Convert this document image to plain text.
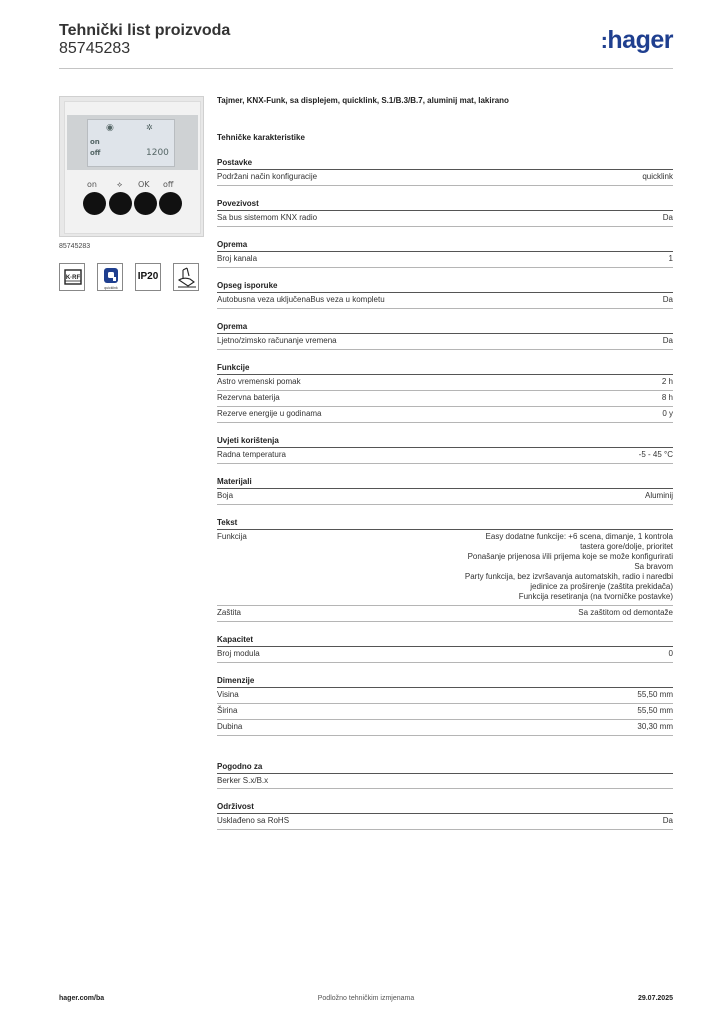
Tehnički list proizvoda
85745283	:hager
◉	✲
on
off	1200
on	⟡ OK off
85745283
K·RF
quicklink
IP20
Tajmer, KNX-Funk, sa displejem, quicklink, S.1/B.3/B.7, aluminij mat, lakirano
Tehničke karakteristike
Postavke
Podržani način konfiguracije	quicklink
Povezivost
Sa bus sistemom KNX radio	Da
Oprema
Broj kanala	1
Opseg isporuke
Autobusna veza uključenaBus veza u kompletu	Da
Oprema
Ljetno/zimsko računanje vremena	Da
Funkcije
Astro vremenski pomak	2 h
Rezervna baterija	8 h
Rezerve energije u godinama	0 y
Uvjeti korištenja
Radna temperatura	-5 - 45 °C
Materijali
Boja	Aluminij
Tekst
Funkcija	Easy dodatne funkcije: +6 scena, dimanje, 1 kontrola
tastera gore/dolje, prioritet
Ponašanje prijenosa i/ili prijema koje se može konfigurirati
Sa bravom
Party funkcija, bez izvršavanja automatskih, radio i naredbi
jedinice za proširenje (zaštita prekidača)
Funkcija resetiranja (na tvorničke postavke)
Zaštita	Sa zaštitom od demontaže
Kapacitet
Broj modula	0
Dimenzije
Visina	55,50 mm
Širina	55,50 mm
Dubina	30,30 mm
Pogodno za
Berker S.x/B.x
Održivost
Usklađeno sa RoHS	Da
hager.com/ba	Podložno tehničkim izmjenama	29.07.2025
